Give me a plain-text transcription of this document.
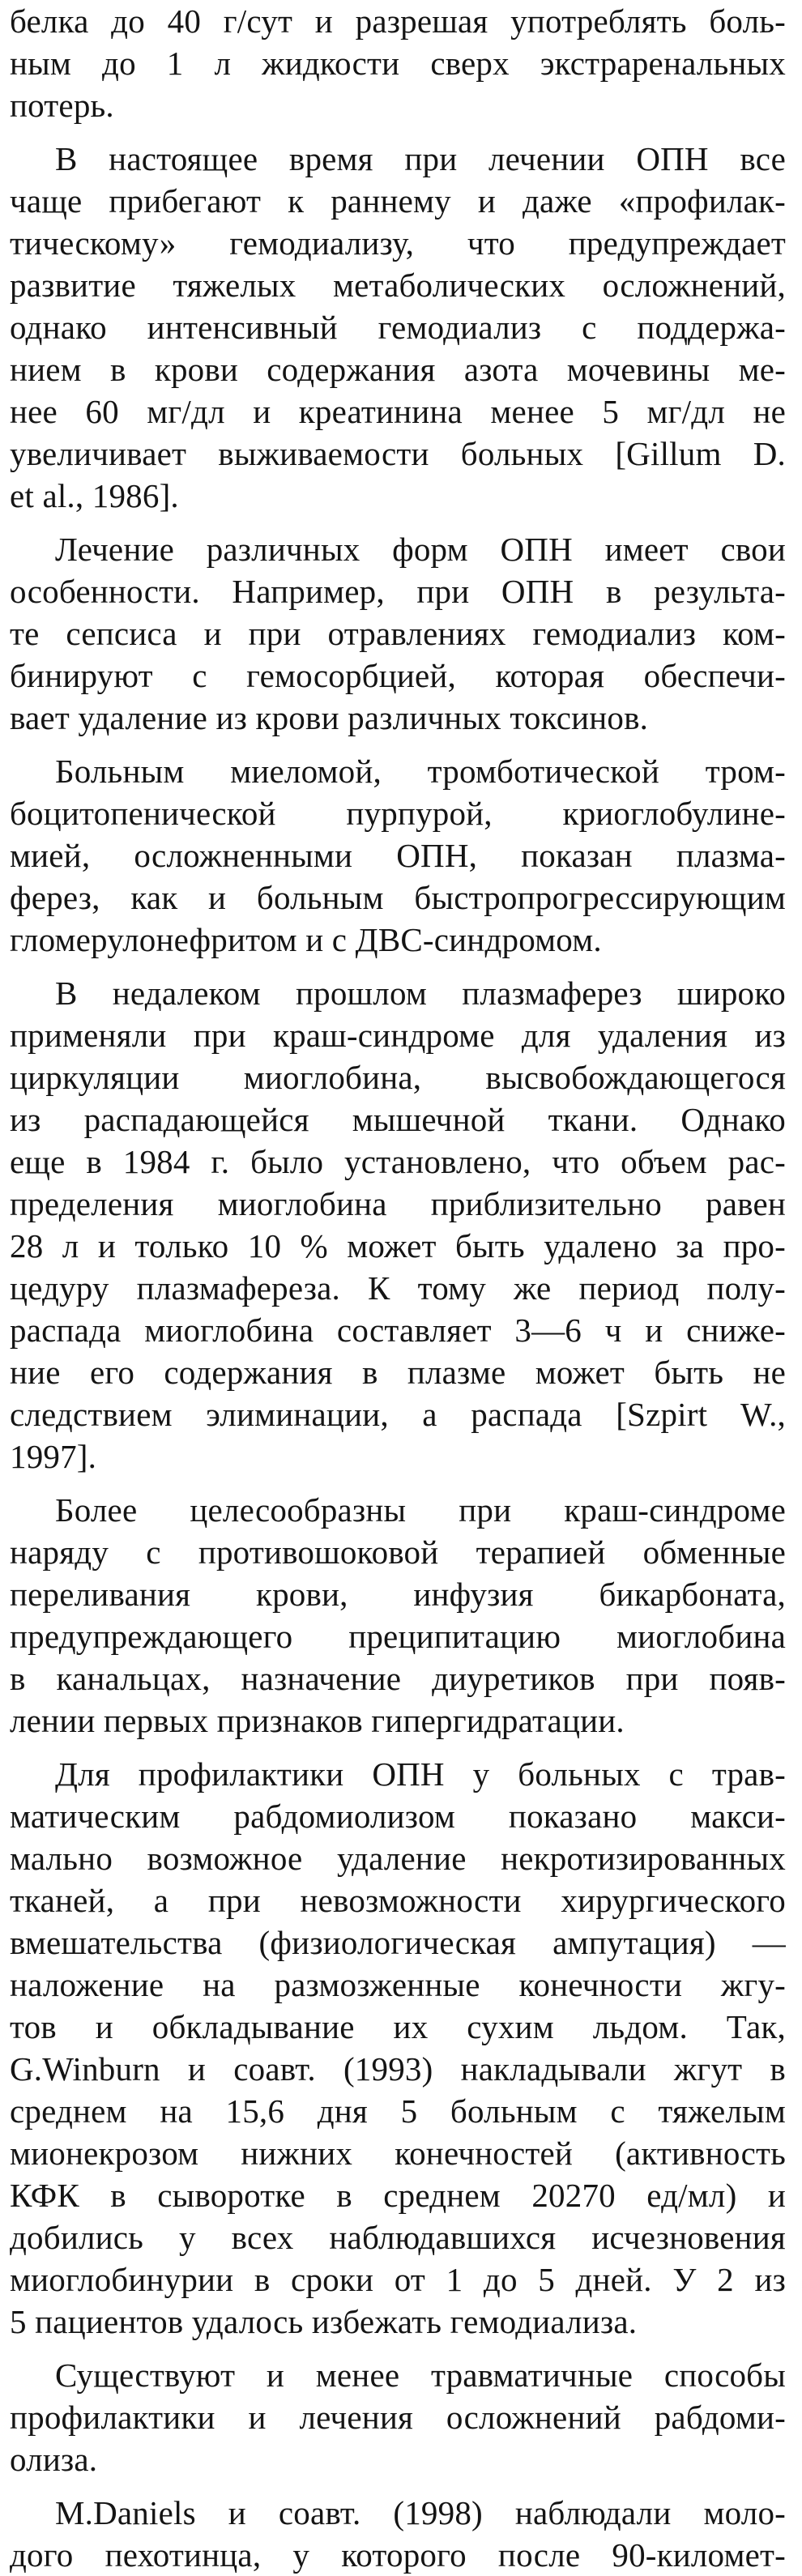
белка до 40 г/сут и разрешая употреблять боль-
ным до 1 л жидкости сверх экстраренальных
потерь.
В настоящее время при лечении ОПН все
чаще прибегают к раннему и даже «профилак-
тическому» гемодиализу, что предупреждает
развитие тяжелых метаболических осложнений,
однако интенсивный гемодиализ с поддержа-
нием в крови содержания азота мочевины ме-
нее 60 мг/дл и креатинина менее 5 мг/дл не
увеличивает выживаемости больных [Gillum D.
et al., 1986].
Лечение различных форм ОПН имеет свои
особенности. Например, при ОПН в результа-
те сепсиса и при отравлениях гемодиализ ком-
бинируют с гемосорбцией, которая обеспечи-
вает удаление из крови различных токсинов.
Больным миеломой, тромботической тром-
боцитопенической пурпурой, криоглобулине-
мией, осложненными ОПН, показан плазма-
ферез, как и больным быстропрогрессирующим
гломерулонефритом и с ДВС-синдромом.
В недалеком прошлом плазмаферез широко
применяли при краш-синдроме для удаления из
циркуляции миоглобина, высвобождающегося
из распадающейся мышечной ткани. Однако
еще в 1984 г. было установлено, что объем рас-
пределения миоглобина приблизительно равен
28 л и только 10 % может быть удалено за про-
цедуру плазмафереза. К тому же период полу-
распада миоглобина составляет 3—6 ч и сниже-
ние его содержания в плазме может быть не
следствием элиминации, а распада [Szpirt W.,
1997].
Более целесообразны при краш-синдроме
наряду с противошоковой терапией обменные
переливания крови, инфузия бикарбоната,
предупреждающего преципитацию миоглобина
в канальцах, назначение диуретиков при появ-
лении первых признаков гипергидратации.
Для профилактики ОПН у больных с трав-
матическим рабдомиолизом показано макси-
мально возможное удаление некротизированных
тканей, а при невозможности хирургического
вмешательства (физиологическая ампутация) —
наложение на размозженные конечности жгу-
тов и обкладывание их сухим льдом. Так,
G.Winburn и соавт. (1993) накладывали жгут в
среднем на 15,6 дня 5 больным с тяжелым
мионекрозом нижних конечностей (активность
КФК в сыворотке в среднем 20270 ед/мл) и
добились у всех наблюдавшихся исчезновения
миоглобинурии в сроки от 1 до 5 дней. У 2 из
5 пациентов удалось избежать гемодиализа.
Существуют и менее травматичные способы
профилактики и лечения осложнений рабдоми-
олиза.
M.Daniels и соавт. (1998) наблюдали моло-
дого пехотинца, у которого после 90-километ-
